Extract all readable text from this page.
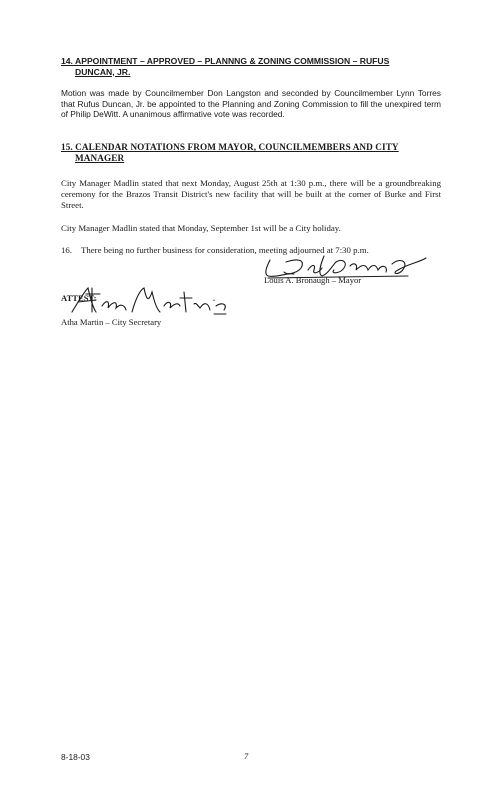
14. APPOINTMENT – APPROVED – PLANNNG & ZONING COMMISSION – RUFUS
DUNCAN, JR.
Motion was made by Councilmember Don Langston and seconded by Councilmember Lynn Torres that Rufus Duncan, Jr. be appointed to the Planning and Zoning Commission to fill the unexpired term of Philip DeWitt. A unanimous affirmative vote was recorded.
15. CALENDAR NOTATIONS FROM MAYOR, COUNCILMEMBERS AND CITY
MANAGER
City Manager Madlin stated that next Monday, August 25th at 1:30 p.m., there will be a groundbreaking ceremony for the Brazos Transit District's new facility that will be built at the corner of Burke and First Street.
City Manager Madlin stated that Monday, September 1st will be a City holiday.
16. There being no further business for consideration, meeting adjourned at 7:30 p.m.
Louis A. Bronaugh – Mayor
ATTEST:
Atha Martin – City Secretary
8-18-03	7
